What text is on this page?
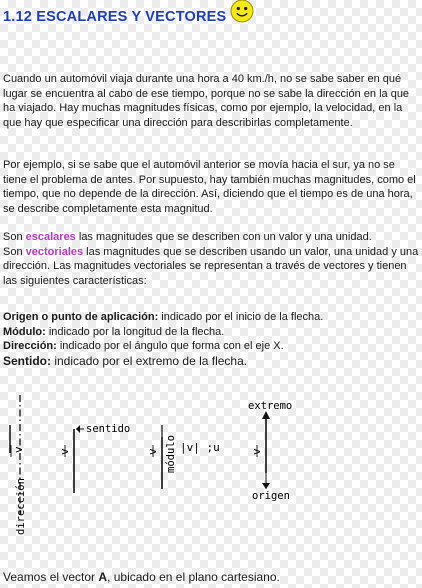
1.12 ESCALARES Y VECTORES

Cuando un automóvil viaja durante una hora a 40 km./h, no se sabe saber en qué lugar se encuentra al cabo de ese tiempo, porque no se sabe la dirección en la que ha viajado. Hay muchas magnitudes físicas, como por ejemplo, la velocidad, en la que hay que especificar una dirección para describirlas completamente.

Por ejemplo, si se sabe que el automóvil anterior se movía hacia el sur, ya no se tiene el problema de antes. Por supuesto, hay también muchas magnitudes, como el tiempo, que no depende de la dirección. Así, diciendo que el tiempo es de una hora, se describe completamente esta magnitud.

Son escalares las magnitudes que se describen con un valor y una unidad.
Son vectoriales las magnitudes que se describen usando un valor, una unidad y una dirección. Las magnitudes vectoriales se representan a través de vectores y tienen las siguientes características:

Origen o punto de aplicación: indicado por el inicio de la flecha.
Módulo: indicado por la longitud de la flecha.
Dirección: indicado por el ángulo que forma con el eje X.
Sentido: indicado por el extremo de la flecha.
v
dirección
v
sentido
v módulo |v| ;u	v
extremo
origen

Veamos el vector A, ubicado en el plano cartesiano.
